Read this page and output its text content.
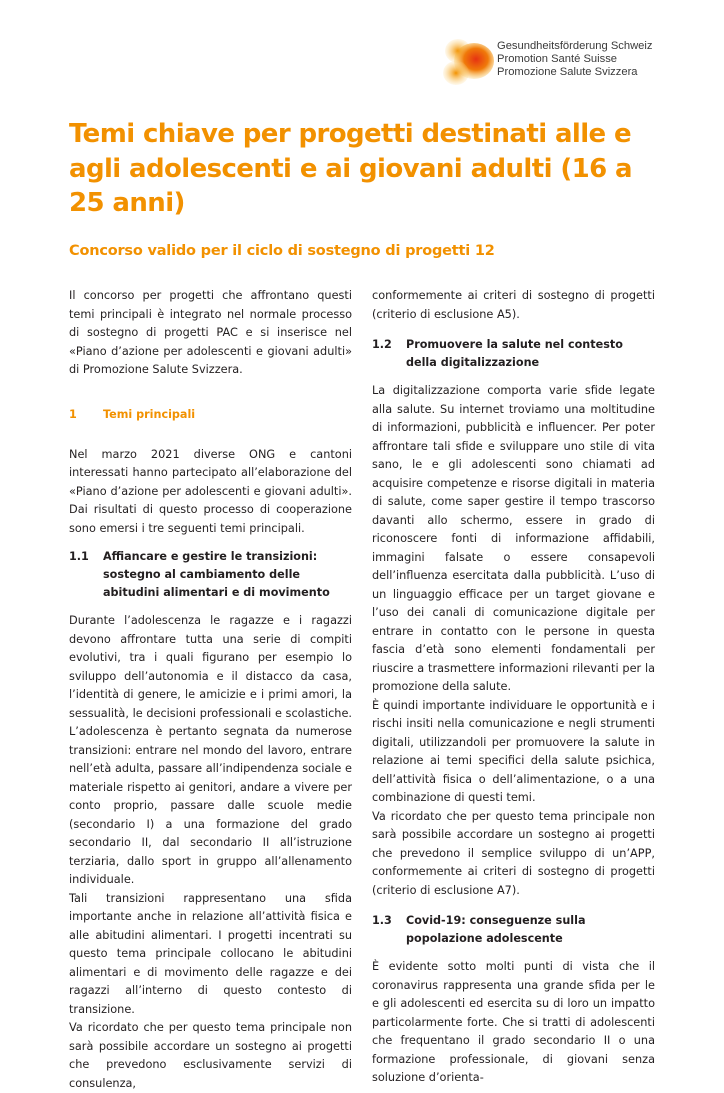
Gesundheitsförderung Schweiz
Promotion Santé Suisse
Promozione Salute Svizzera
Temi chiave per progetti destinati alle e agli adolescenti e ai giovani adulti (16 a 25 anni)
Concorso valido per il ciclo di sostegno di progetti 12

Il concorso per progetti che affrontano questi temi principali è integrato nel normale processo di sostegno di progetti PAC e si inserisce nel «Piano d’azione per adolescenti e giovani adulti» di Promozione Salute Svizzera.

1	Temi principali

Nel marzo 2021 diverse ONG e cantoni interessati hanno partecipato all’elaborazione del «Piano d’azione per adolescenti e giovani adulti». Dai risultati di questo processo di cooperazione sono emersi i tre seguenti temi principali.

1.1	Affiancare e gestire le transizioni: sostegno al cambiamento delle abitudini alimentari e di movimento

Durante l’adolescenza le ragazze e i ragazzi devono affrontare tutta una serie di compiti evolutivi, tra i quali figurano per esempio lo sviluppo dell’autonomia e il distacco da casa, l’identità di genere, le amicizie e i primi amori, la sessualità, le decisioni professionali e scolastiche. L’adolescenza è pertanto segnata da numerose transizioni: entrare nel mondo del lavoro, entrare nell’età adulta, passare all’indipendenza sociale e materiale rispetto ai genitori, andare a vivere per conto proprio, passare dalle scuole medie (secondario I) a una formazione del grado secondario II, dal secondario II all’istruzione terziaria, dallo sport in gruppo all’allenamento individuale.

Tali transizioni rappresentano una sfida importante anche in relazione all’attività fisica e alle abitudini alimentari. I progetti incentrati su questo tema principale collocano le abitudini alimentari e di movimento delle ragazze e dei ragazzi all’interno di questo contesto di transizione.

Va ricordato che per questo tema principale non sarà possibile accordare un sostegno ai progetti che prevedono esclusivamente servizi di consulenza,

conformemente ai criteri di sostegno di progetti (criterio di esclusione A5).

1.2	Promuovere la salute nel contesto della digitalizzazione

La digitalizzazione comporta varie sfide legate alla salute. Su internet troviamo una moltitudine di informazioni, pubblicità e influencer. Per poter affrontare tali sfide e sviluppare uno stile di vita sano, le e gli adolescenti sono chiamati ad acquisire competenze e risorse digitali in materia di salute, come saper gestire il tempo trascorso davanti allo schermo, essere in grado di riconoscere fonti di informazione affidabili, immagini falsate o essere consapevoli dell’influenza esercitata dalla pubblicità. L’uso di un linguaggio efficace per un target giovane e l’uso dei canali di comunicazione digitale per entrare in contatto con le persone in questa fascia d’età sono elementi fondamentali per riuscire a trasmettere informazioni rilevanti per la promozione della salute.

È quindi importante individuare le opportunità e i rischi insiti nella comunicazione e negli strumenti digitali, utilizzandoli per promuovere la salute in relazione ai temi specifici della salute psichica, dell’attività fisica o dell’alimentazione, o a una combinazione di questi temi.

Va ricordato che per questo tema principale non sarà possibile accordare un sostegno ai progetti che prevedono il semplice sviluppo di un’APP, conformemente ai criteri di sostegno di progetti (criterio di esclusione A7).

1.3	Covid-19: conseguenze sulla popolazione adolescente

È evidente sotto molti punti di vista che il coronavirus rappresenta una grande sfida per le e gli adolescenti ed esercita su di loro un impatto particolarmente forte. Che si tratti di adolescenti che frequentano il grado secondario II o una formazione professionale, di giovani senza soluzione d’orienta-
